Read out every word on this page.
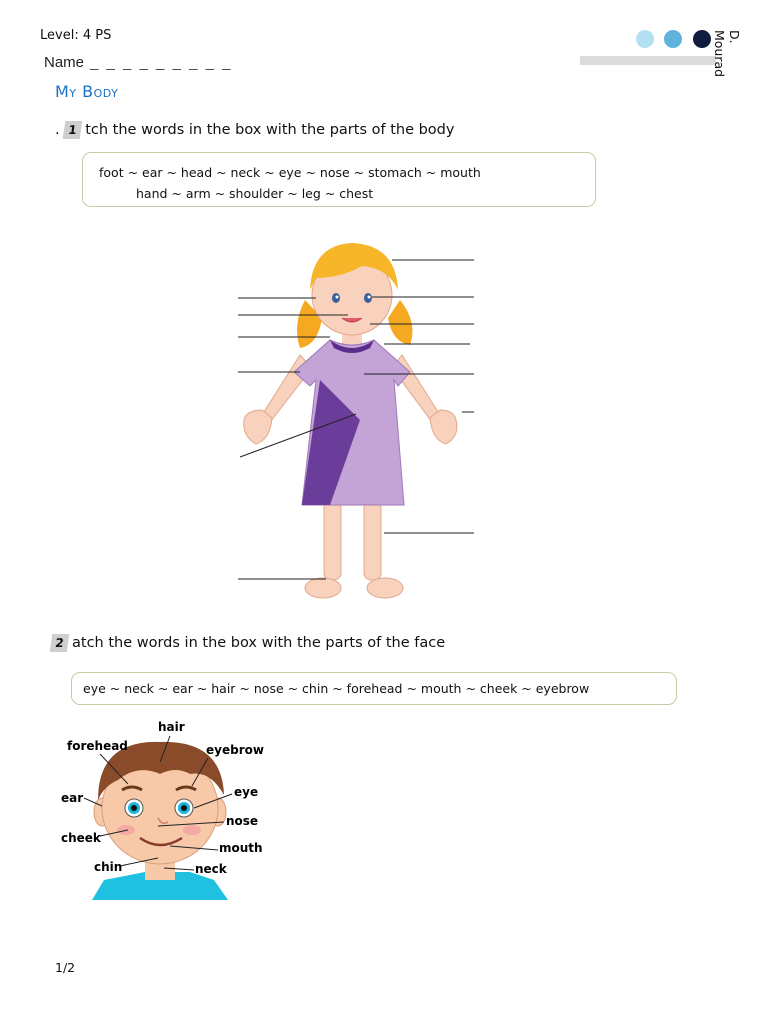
Level: 4 PS
Name _ _ _ _ _ _ _ _ _
My Body
D. Mourad
. 1 tch the words in the box with the parts of the body
foot ~ ear ~ head ~ neck ~ eye ~ nose ~ stomach ~ mouth
hand ~ arm ~ shoulder ~ leg ~ chest
2 atch the words in the box with the parts of the face
eye ~ neck ~ ear ~ hair ~ nose ~ chin ~ forehead ~ mouth ~ cheek ~ eyebrow
hair
forehead	eyebrow
ear	eye
nose
cheek
mouth
chin	neck
1/2
